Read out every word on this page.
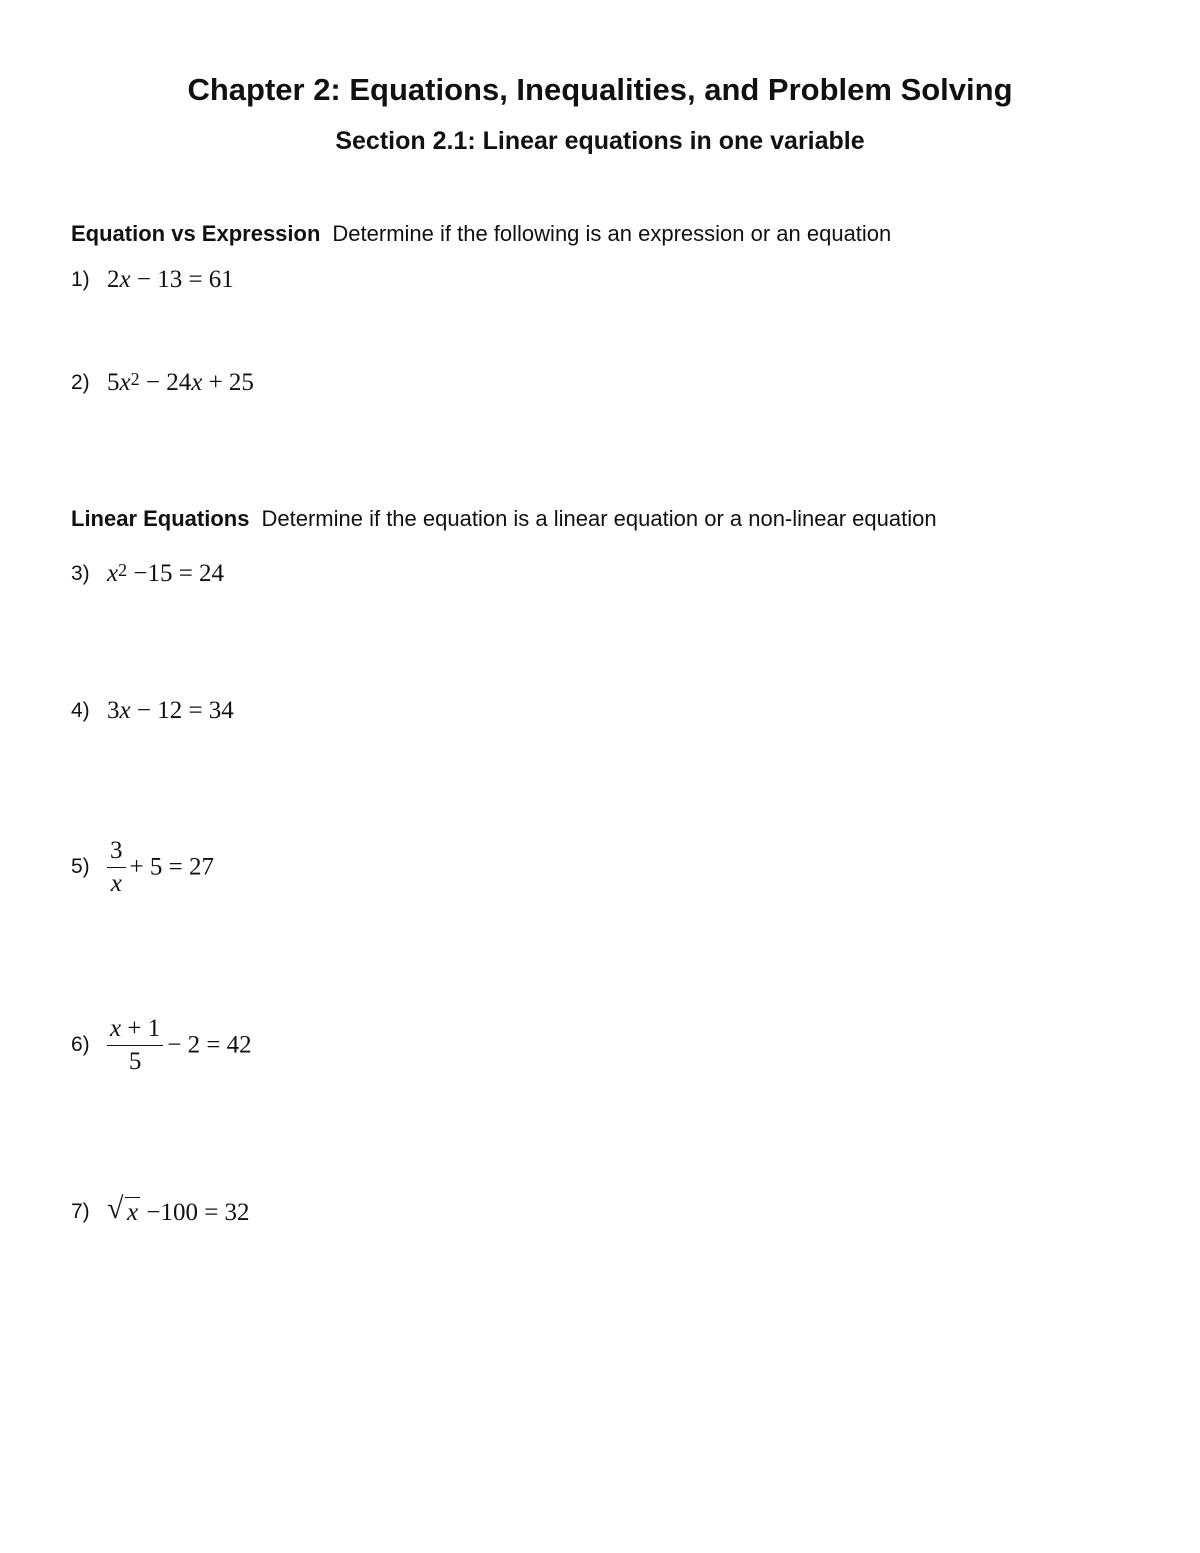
Chapter 2: Equations, Inequalities, and Problem Solving
Section 2.1: Linear equations in one variable
Equation vs Expression Determine if the following is an expression or an equation
1) 2x − 13 = 61
2) $5x^2 - 24x + 25$
Linear Equations Determine if the equation is a linear equation or a non-linear equation
3) $x^2 -15 = 24$
4) 3x − 12 = 34
$5) \frac{3}{x} + 5 = 27$
$6) \frac{x + 1}{5} - 2 = 42$
7) √ x −100 = 32
